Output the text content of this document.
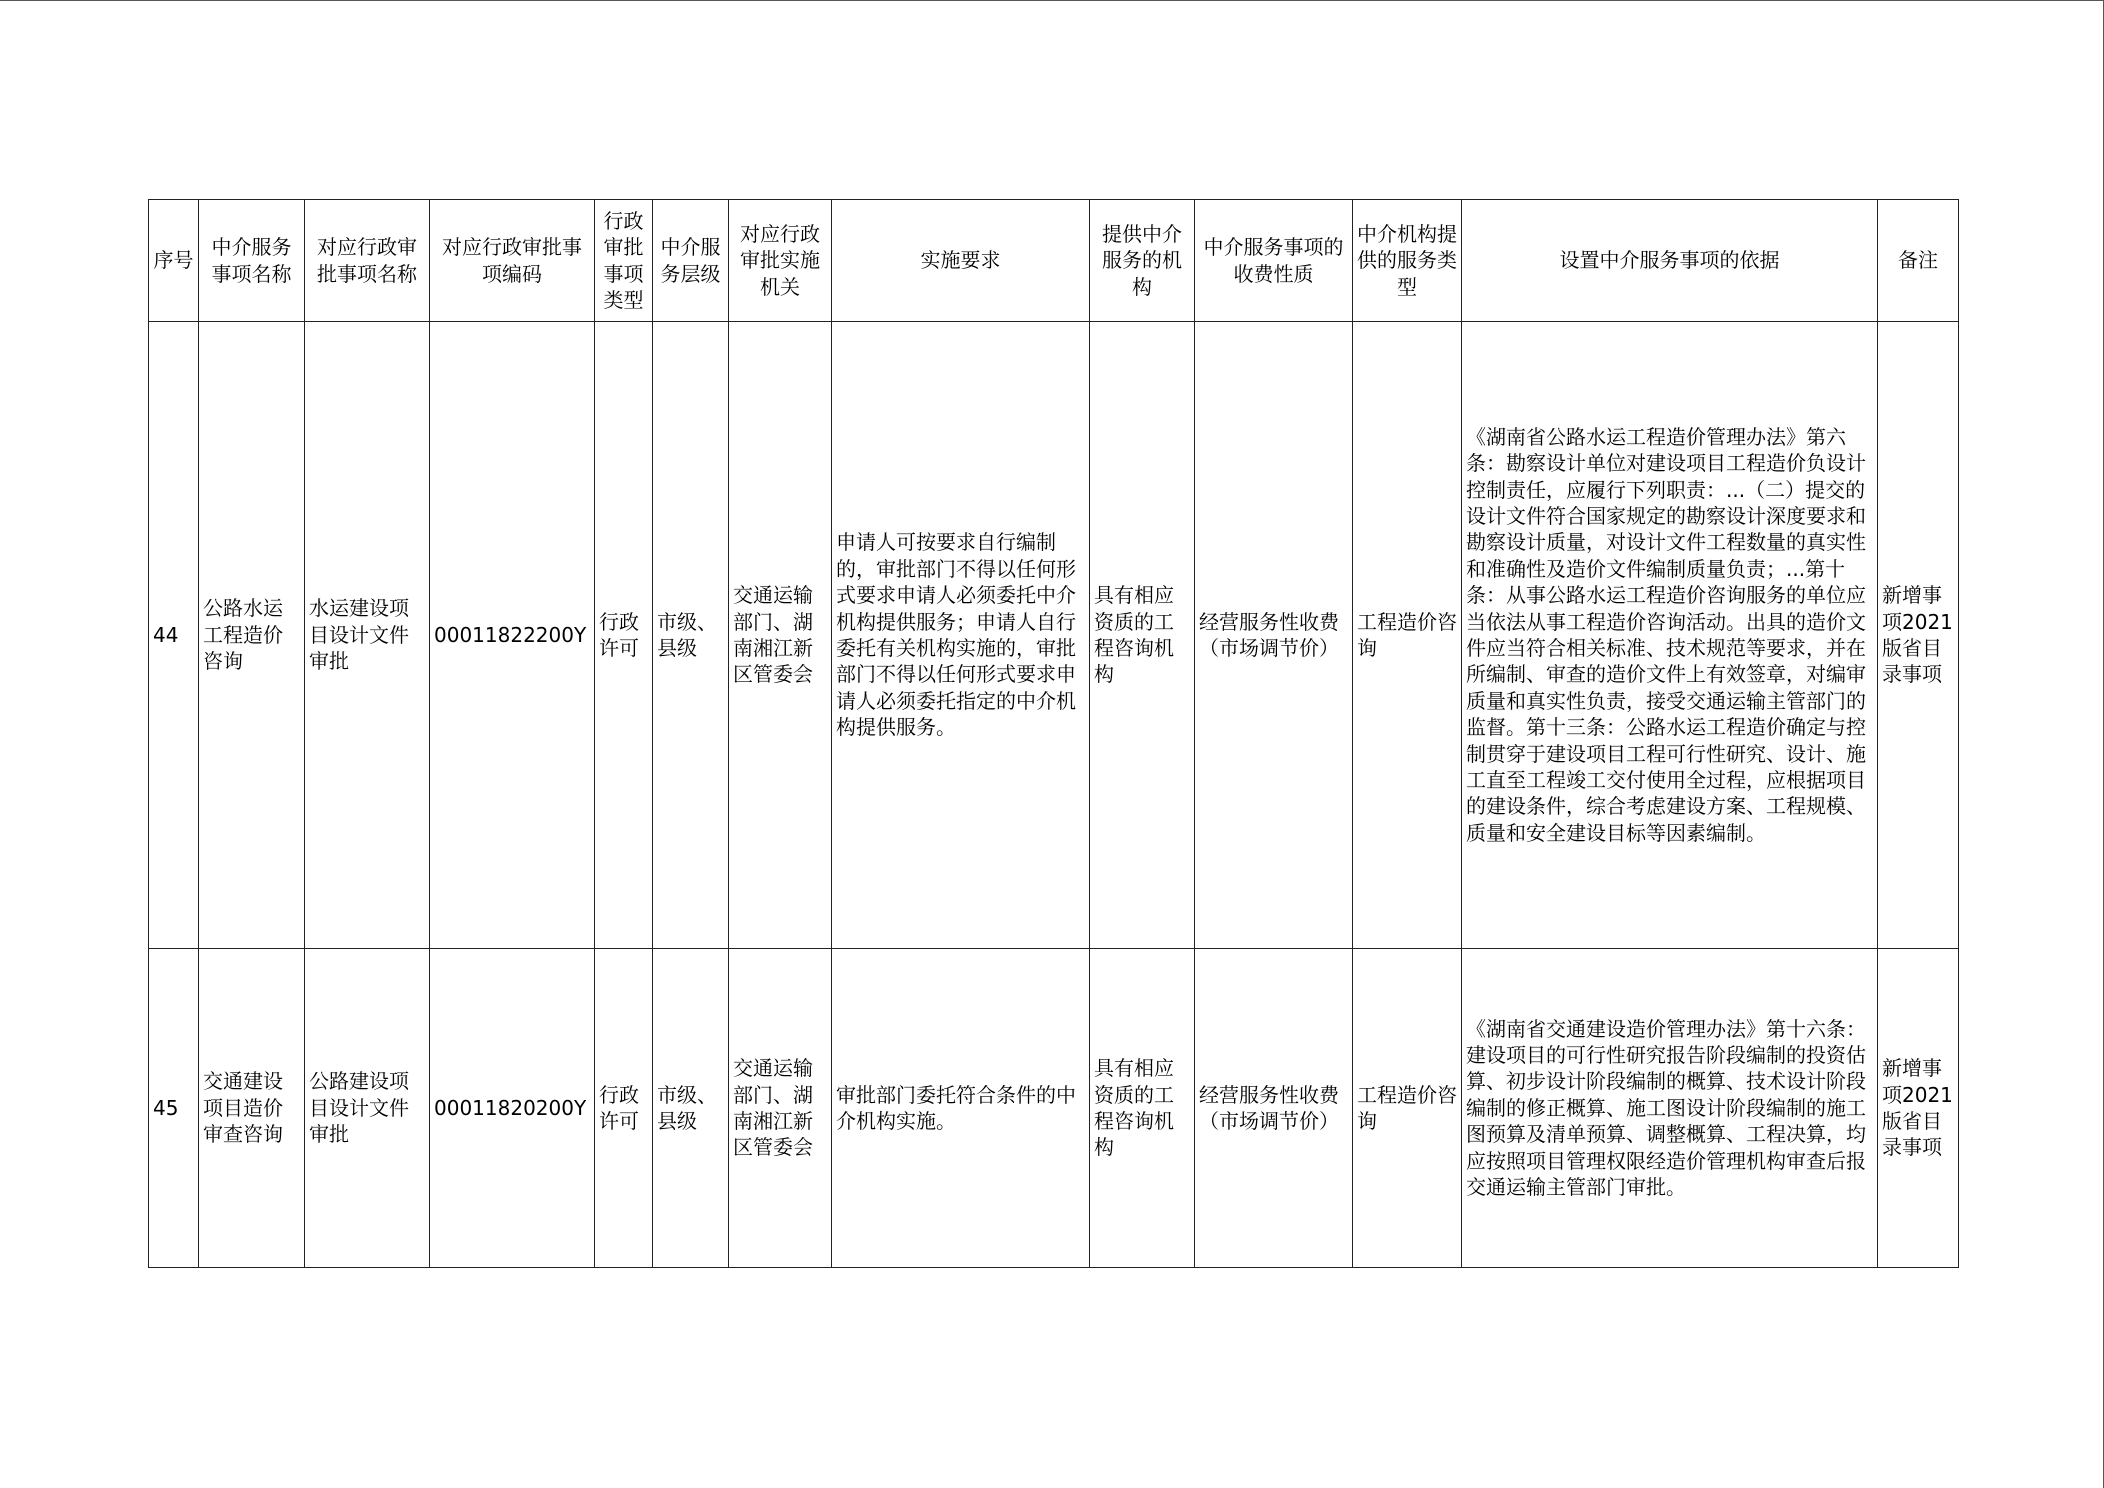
序号	中介服务事项名称	对应行政审批事项名称	对应行政审批事项编码	行政审批事项类型	中介服务层级	对应行政审批实施机关	实施要求	提供中介服务的机构	中介服务事项的收费性质	中介机构提供的服务类型	设置中介服务事项的依据	备注
44	公路水运工程造价咨询	水运建设项目设计文件审批	00011822200Y	行政许可	市级、县级	交通运输部门、湖南湘江新区管委会	申请人可按要求自行编制的，审批部门不得以任何形式要求申请人必须委托中介机构提供服务；申请人自行委托有关机构实施的，审批部门不得以任何形式要求申请人必须委托指定的中介机构提供服务。	具有相应资质的工程咨询机构	经营服务性收费（市场调节价）	工程造价咨询	《湖南省公路水运工程造价管理办法》第六条：勘察设计单位对建设项目工程造价负设计控制责任，应履行下列职责：...（二）提交的设计文件符合国家规定的勘察设计深度要求和勘察设计质量，对设计文件工程数量的真实性和准确性及造价文件编制质量负责；...第十条：从事公路水运工程造价咨询服务的单位应当依法从事工程造价咨询活动。出具的造价文件应当符合相关标准、技术规范等要求，并在所编制、审查的造价文件上有效签章，对编审质量和真实性负责，接受交通运输主管部门的监督。第十三条：公路水运工程造价确定与控制贯穿于建设项目工程可行性研究、设计、施工直至工程竣工交付使用全过程，应根据项目的建设条件，综合考虑建设方案、工程规模、质量和安全建设目标等因素编制。	新增事项2021版省目录事项
45	交通建设项目造价审查咨询	公路建设项目设计文件审批	00011820200Y	行政许可	市级、县级	交通运输部门、湖南湘江新区管委会	审批部门委托符合条件的中介机构实施。	具有相应资质的工程咨询机构	经营服务性收费（市场调节价）	工程造价咨询	《湖南省交通建设造价管理办法》第十六条：建设项目的可行性研究报告阶段编制的投资估算、初步设计阶段编制的概算、技术设计阶段编制的修正概算、施工图设计阶段编制的施工图预算及清单预算、调整概算、工程决算，均应按照项目管理权限经造价管理机构审查后报交通运输主管部门审批。	新增事项2021版省目录事项
